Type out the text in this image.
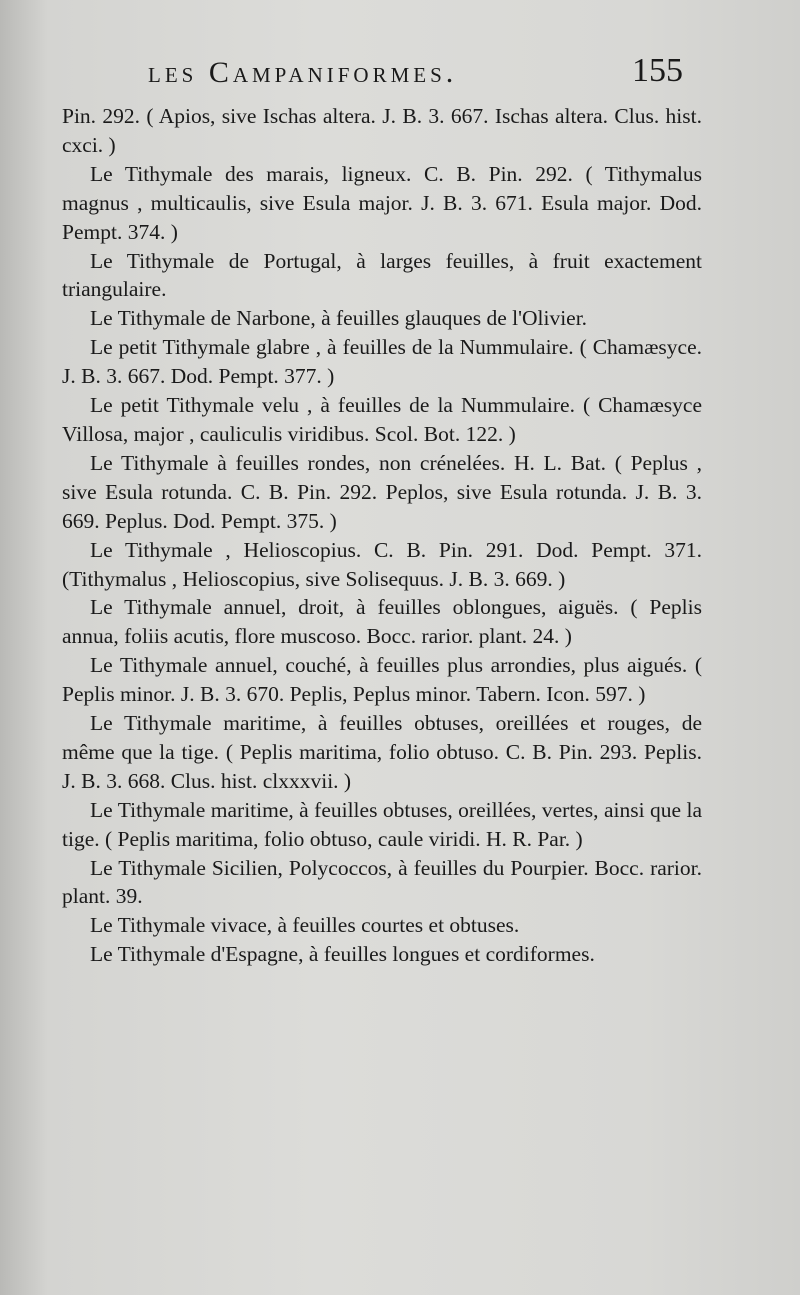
les Campaniformes.	155

Pin. 292. ( Apios, sive Ischas altera. J. B. 3. 667. Ischas altera. Clus. hist. cxci. )

Le Tithymale des marais, ligneux. C. B. Pin. 292. ( Tithymalus magnus , multicaulis, sive Esula major. J. B. 3. 671. Esula major. Dod. Pempt. 374. )

Le Tithymale de Portugal, à larges feuilles, à fruit exactement triangulaire.

Le Tithymale de Narbone, à feuilles glauques de l'Olivier.

Le petit Tithymale glabre , à feuilles de la Nummulaire. ( Chamæsyce. J. B. 3. 667. Dod. Pempt. 377. )

Le petit Tithymale velu , à feuilles de la Nummulaire. ( Chamæsyce Villosa, major , cauliculis viridibus. Scol. Bot. 122. )

Le Tithymale à feuilles rondes, non crénelées. H. L. Bat. ( Peplus , sive Esula rotunda. C. B. Pin. 292. Peplos, sive Esula rotunda. J. B. 3. 669. Peplus. Dod. Pempt. 375. )

Le Tithymale , Helioscopius. C. B. Pin. 291. Dod. Pempt. 371. (Tithymalus , Helioscopius, sive Solisequus. J. B. 3. 669. )

Le Tithymale annuel, droit, à feuilles oblongues, aiguës. ( Peplis annua, foliis acutis, flore muscoso. Bocc. rarior. plant. 24. )

Le Tithymale annuel, couché, à feuilles plus arrondies, plus aigués. ( Peplis minor. J. B. 3. 670. Peplis, Peplus minor. Tabern. Icon. 597. )

Le Tithymale maritime, à feuilles obtuses, oreillées et rouges, de même que la tige. ( Peplis maritima, folio obtuso. C. B. Pin. 293. Peplis. J. B. 3. 668. Clus. hist. clxxxvii. )

Le Tithymale maritime, à feuilles obtuses, oreillées, vertes, ainsi que la tige. ( Peplis maritima, folio obtuso, caule viridi. H. R. Par. )

Le Tithymale Sicilien, Polycoccos, à feuilles du Pourpier. Bocc. rarior. plant. 39.

Le Tithymale vivace, à feuilles courtes et obtuses.

Le Tithymale d'Espagne, à feuilles longues et cordiformes.
